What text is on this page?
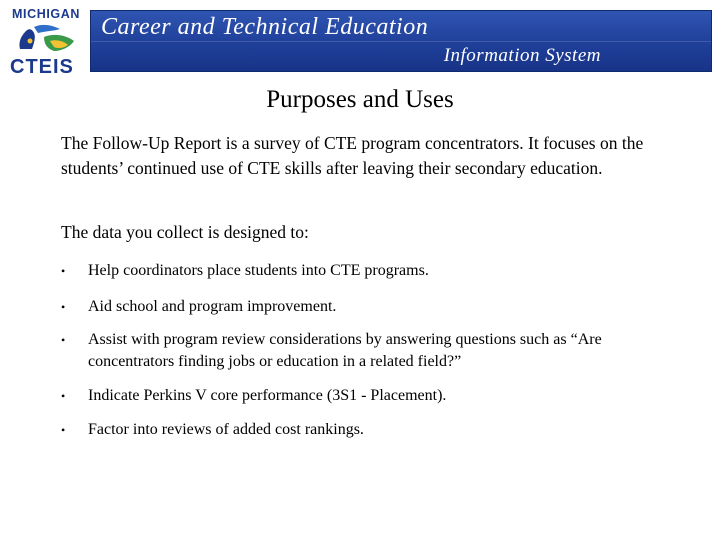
MICHIGAN
CTEIS
Career and Technical Education
Information System
Purposes and Uses

The Follow-Up Report is a survey of CTE program concentrators. It focuses on the students’ continued use of CTE skills after leaving their secondary education.

The data you collect is designed to:

• Help coordinators place students into CTE programs.
• Aid school and program improvement.
• Assist with program review considerations by answering questions such as “Are concentrators finding jobs or education in a related field?”
• Indicate Perkins V core performance (3S1 - Placement).
• Factor into reviews of added cost rankings.
